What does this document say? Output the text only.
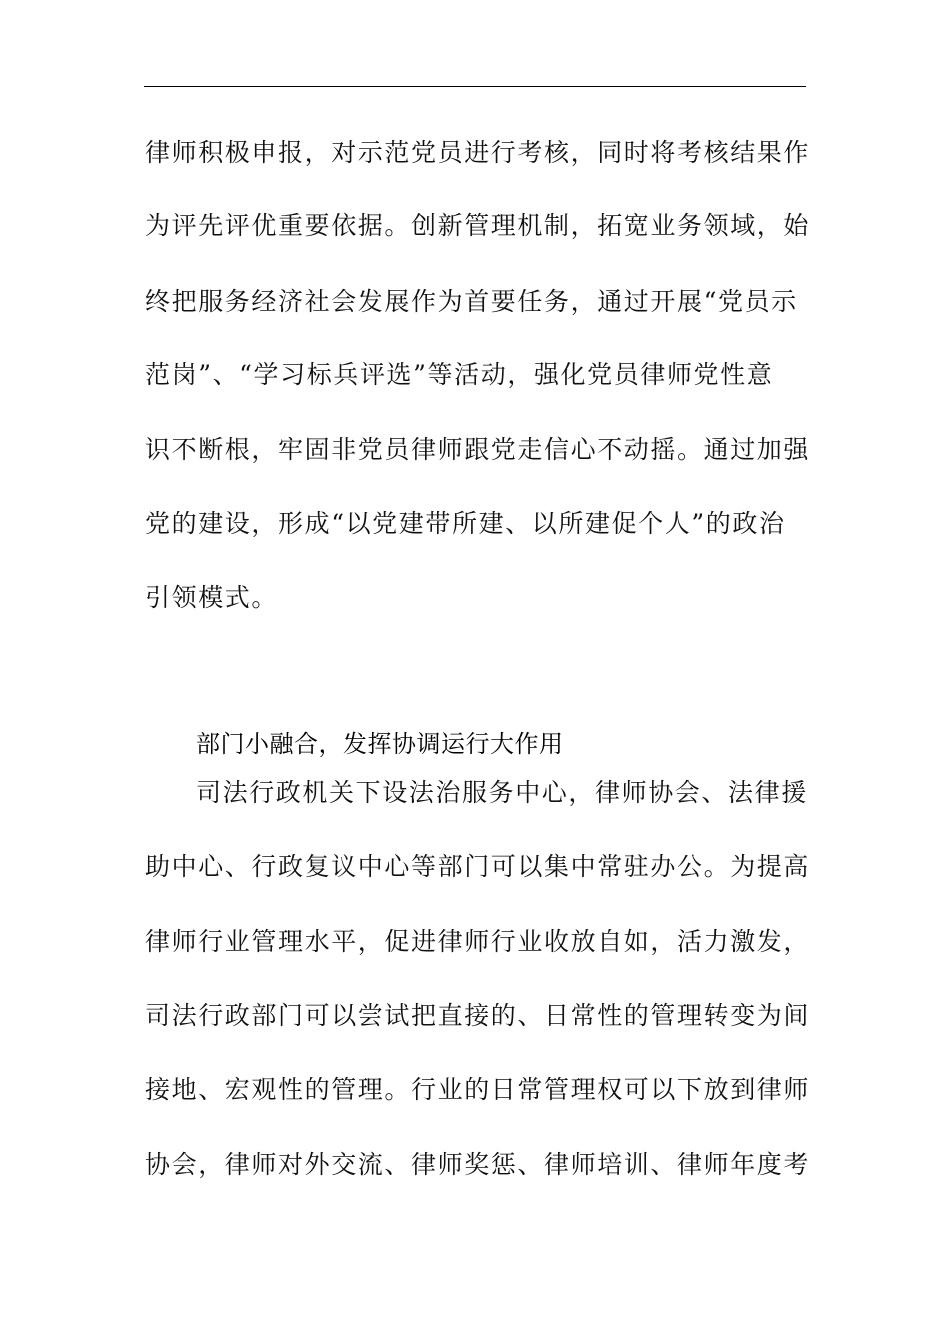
律师积极申报，对示范党员进行考核，同时将考核结果作
为评先评优重要依据。创新管理机制，拓宽业务领域，始
终把服务经济社会发展作为首要任务，通过开展“党员示
范岗”、“学习标兵评选”等活动，强化党员律师党性意
识不断根，牢固非党员律师跟党走信心不动摇。通过加强
党的建设，形成“以党建带所建、以所建促个人”的政治
引领模式。
部门小融合，发挥协调运行大作用
司法行政机关下设法治服务中心，律师协会、法律援
助中心、行政复议中心等部门可以集中常驻办公。为提高
律师行业管理水平，促进律师行业收放自如，活力激发，
司法行政部门可以尝试把直接的、日常性的管理转变为间
接地、宏观性的管理。行业的日常管理权可以下放到律师
协会，律师对外交流、律师奖惩、律师培训、律师年度考
